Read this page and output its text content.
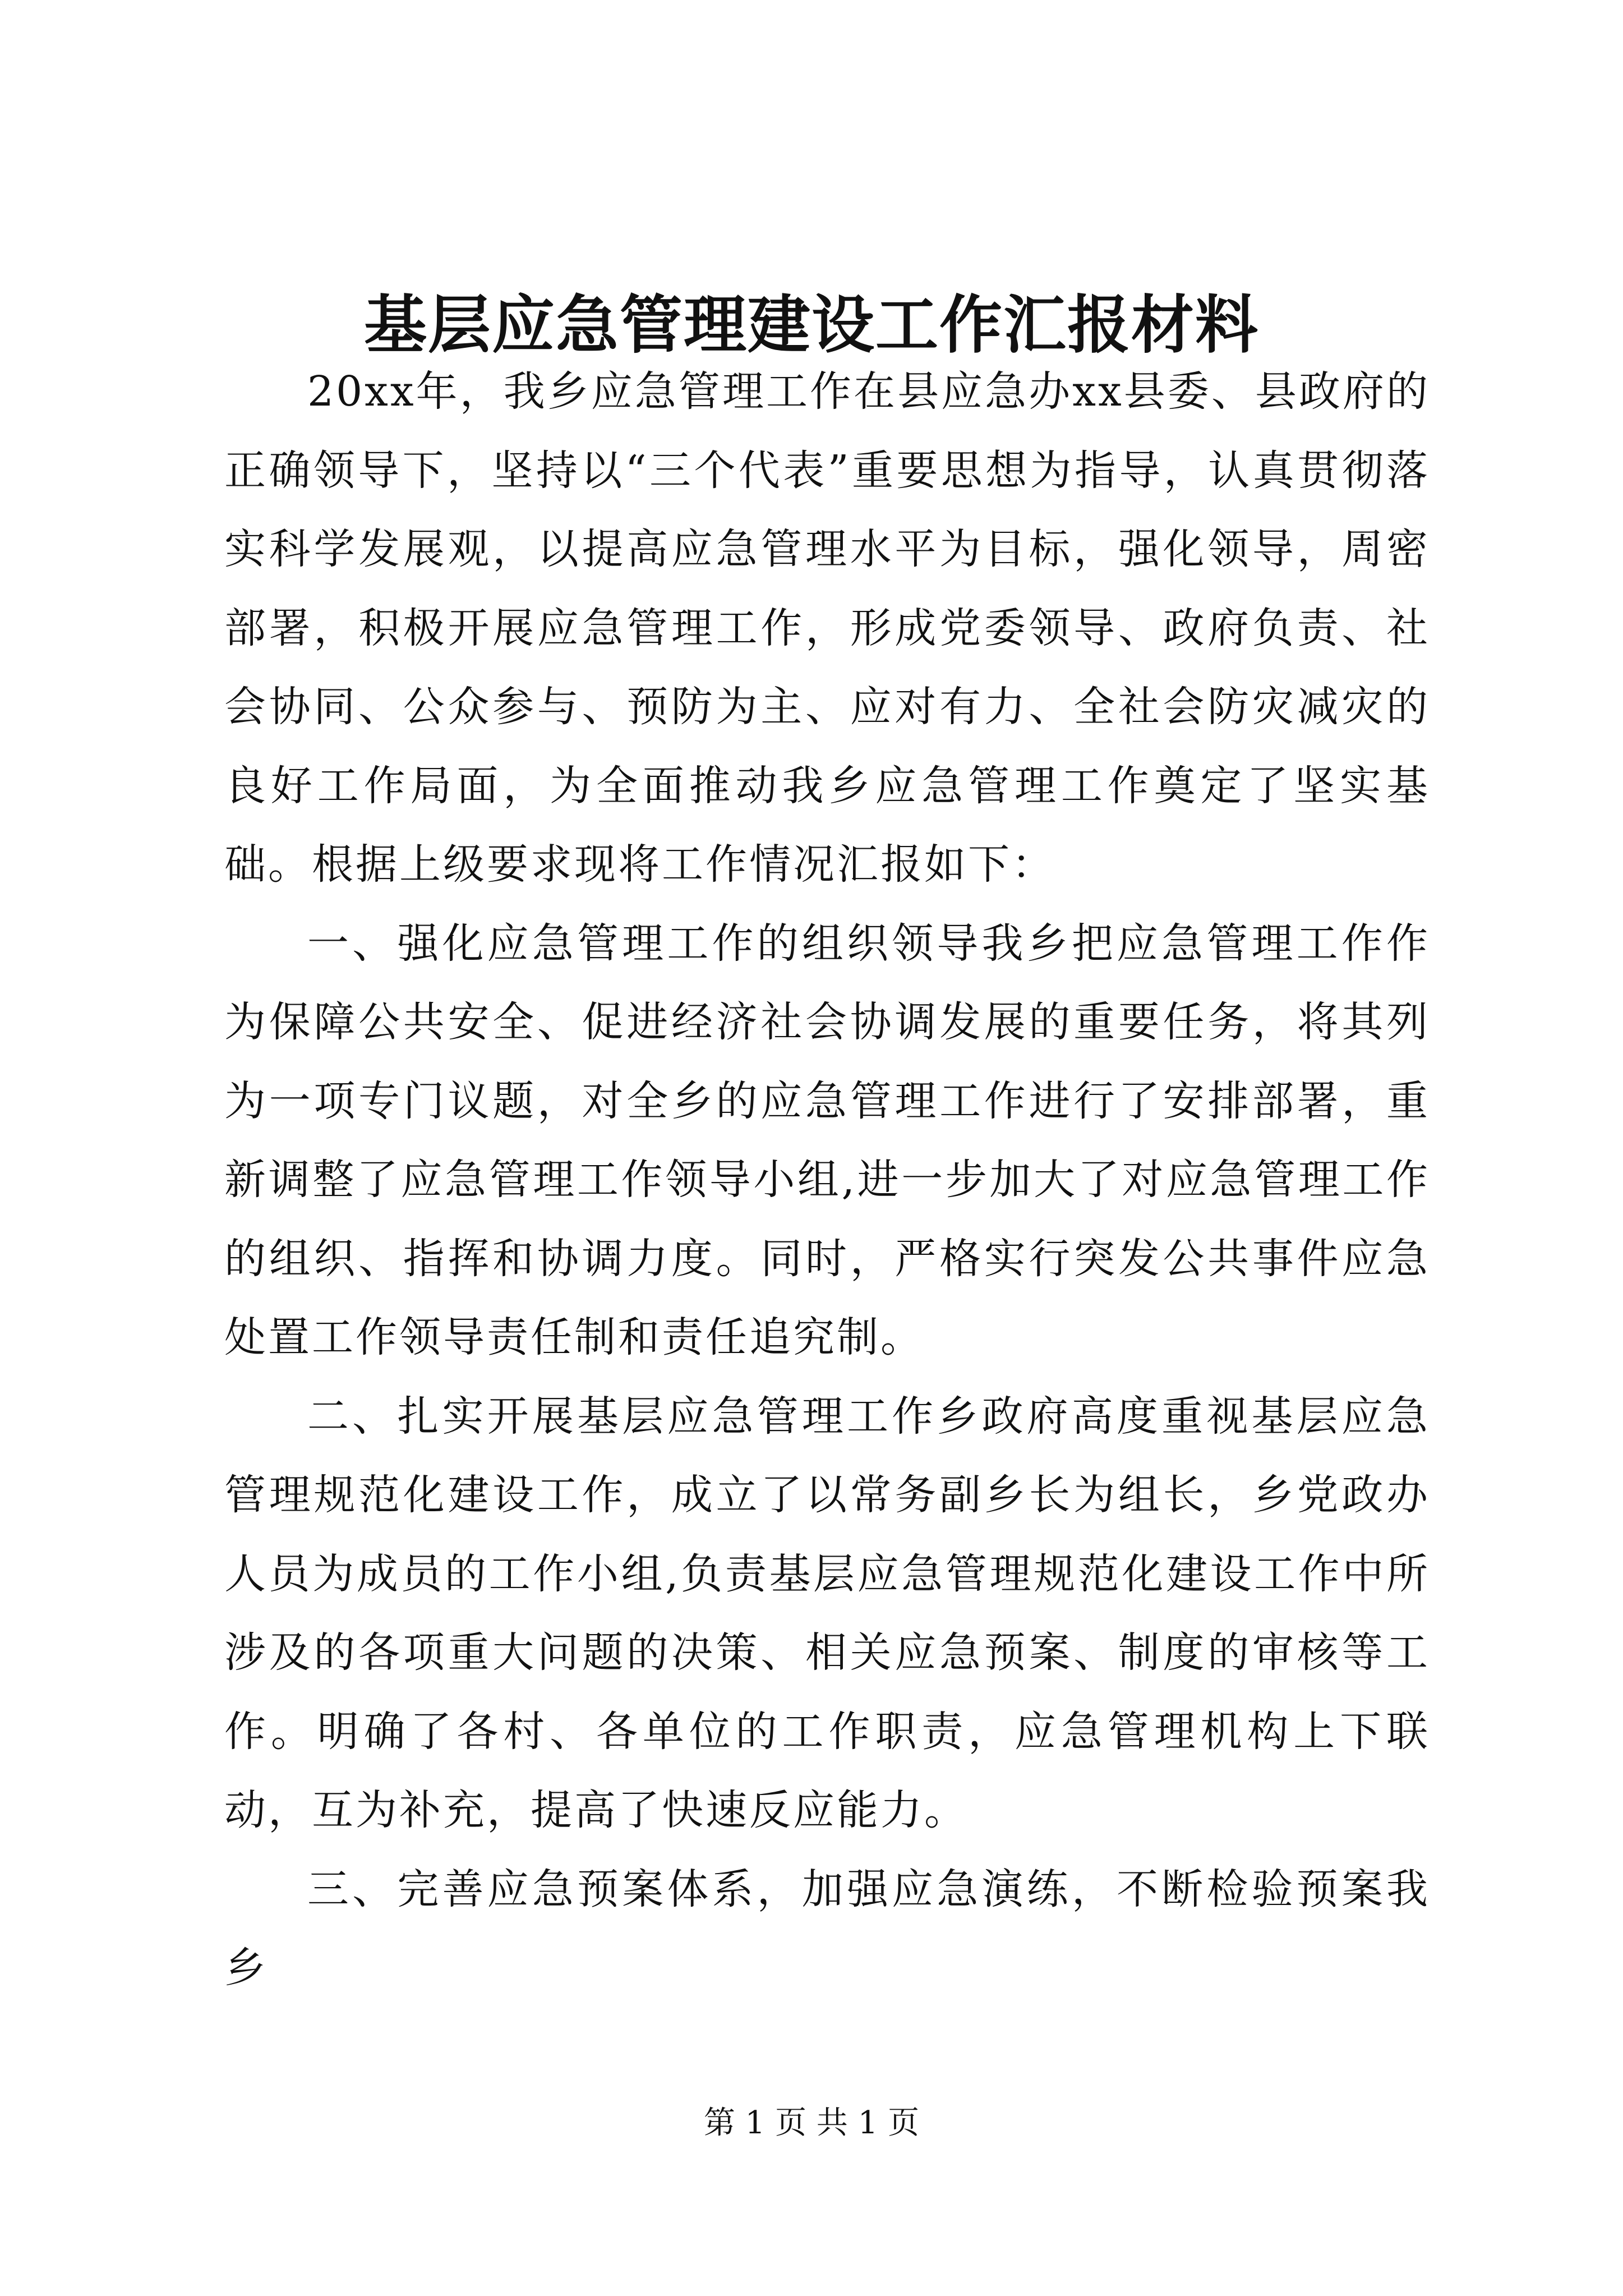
基层应急管理建设工作汇报材料

20xx年，我乡应急管理工作在县应急办xx县委、县政府的正确领导下，坚持以“三个代表”重要思想为指导，认真贯彻落实科学发展观，以提高应急管理水平为目标，强化领导，周密部署，积极开展应急管理工作，形成党委领导、政府负责、社会协同、公众参与、预防为主、应对有力、全社会防灾减灾的良好工作局面，为全面推动我乡应急管理工作奠定了坚实基础。根据上级要求现将工作情况汇报如下：

一、强化应急管理工作的组织领导我乡把应急管理工作作为保障公共安全、促进经济社会协调发展的重要任务，将其列为一项专门议题，对全乡的应急管理工作进行了安排部署，重新调整了应急管理工作领导小组,进一步加大了对应急管理工作的组织、指挥和协调力度。同时，严格实行突发公共事件应急处置工作领导责任制和责任追究制。

二、扎实开展基层应急管理工作乡政府高度重视基层应急管理规范化建设工作，成立了以常务副乡长为组长，乡党政办人员为成员的工作小组,负责基层应急管理规范化建设工作中所涉及的各项重大问题的决策、相关应急预案、制度的审核等工作。明确了各村、各单位的工作职责，应急管理机构上下联动，互为补充，提高了快速反应能力。

三、完善应急预案体系，加强应急演练，不断检验预案我乡

第 1 页 共 1 页
